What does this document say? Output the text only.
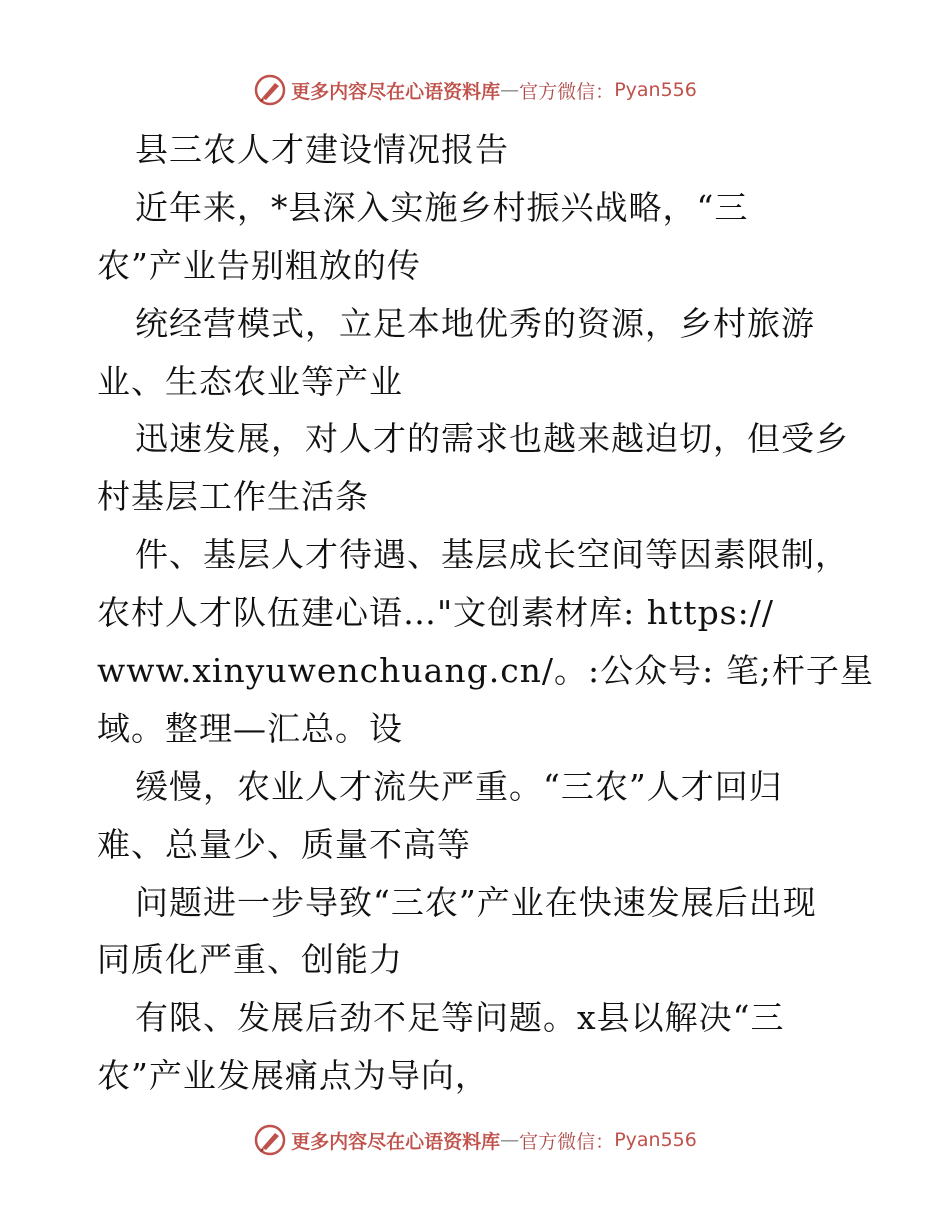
更多内容尽在心语资料库 — 官方微信： Pyan556
县三农人才建设情况报告
近年来，*县深入实施乡村振兴战略，“三
农”产业告别粗放的传
统经营模式，立足本地优秀的资源，乡村旅游
业、生态农业等产业
迅速发展，对人才的需求也越来越迫切，但受乡
村基层工作生活条
件、基层人才待遇、基层成长空间等因素限制，
农村人才队伍建心语…"文创素材库: https://
www.xinyuwenchuang.cn/。:公众号: 笔;杆子星
域。整理—汇总。设
缓慢，农业人才流失严重。“三农”人才回归
难、总量少、质量不高等
问题进一步导致“三农”产业在快速发展后出现
同质化严重、创能力
有限、发展后劲不足等问题。x县以解决“三
农”产业发展痛点为导向，
更多内容尽在心语资料库 — 官方微信： Pyan556
